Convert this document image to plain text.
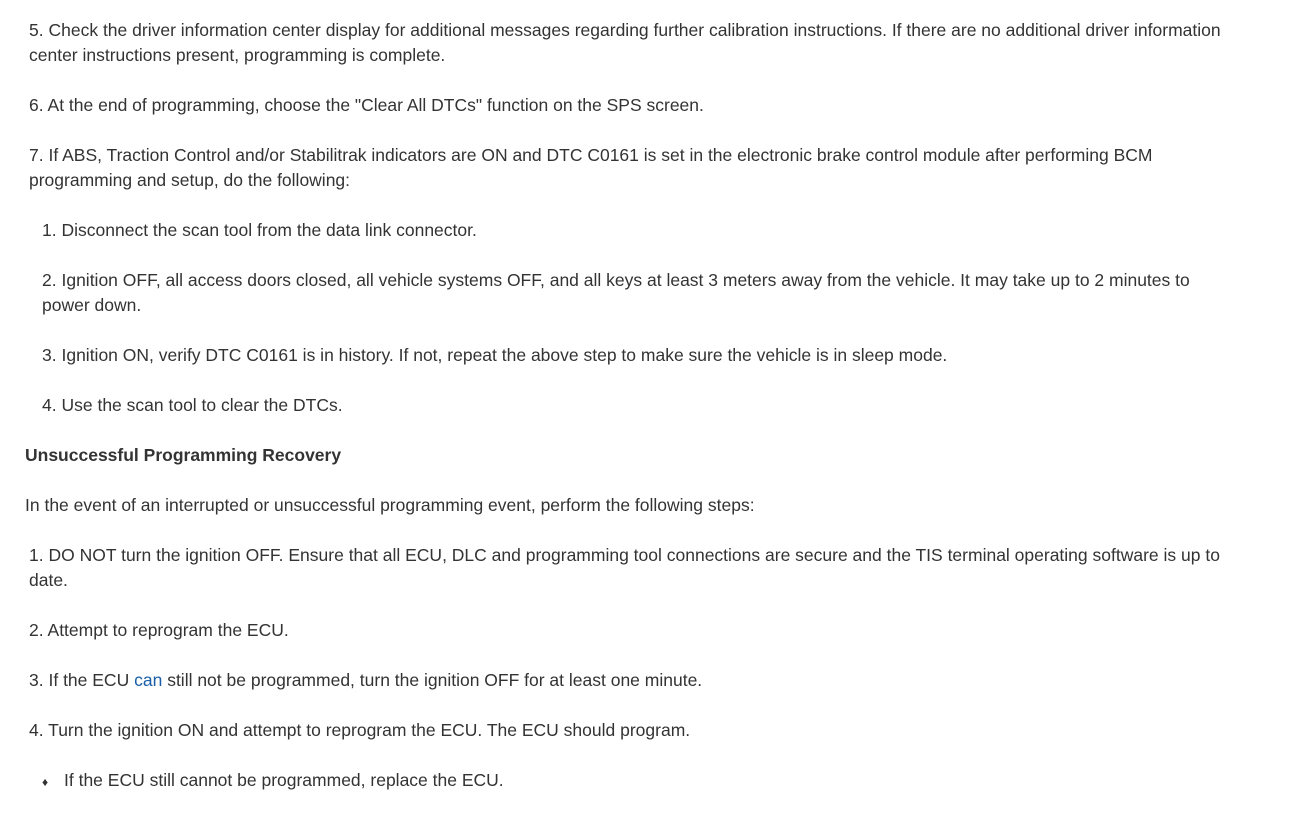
5. Check the driver information center display for additional messages regarding further calibration instructions. If there are no additional driver information center instructions present, programming is complete.

6. At the end of programming, choose the "Clear All DTCs" function on the SPS screen.

7. If ABS, Traction Control and/or Stabilitrak indicators are ON and DTC C0161 is set in the electronic brake control module after performing BCM programming and setup, do the following:

1. Disconnect the scan tool from the data link connector.

2. Ignition OFF, all access doors closed, all vehicle systems OFF, and all keys at least 3 meters away from the vehicle. It may take up to 2 minutes to power down.

3. Ignition ON, verify DTC C0161 is in history. If not, repeat the above step to make sure the vehicle is in sleep mode.

4. Use the scan tool to clear the DTCs.

Unsuccessful Programming Recovery

In the event of an interrupted or unsuccessful programming event, perform the following steps:

1. DO NOT turn the ignition OFF. Ensure that all ECU, DLC and programming tool connections are secure and the TIS terminal operating software is up to date.

2. Attempt to reprogram the ECU.

3. If the ECU can still not be programmed, turn the ignition OFF for at least one minute.

4. Turn the ignition ON and attempt to reprogram the ECU. The ECU should program.

♦ If the ECU still cannot be programmed, replace the ECU.
